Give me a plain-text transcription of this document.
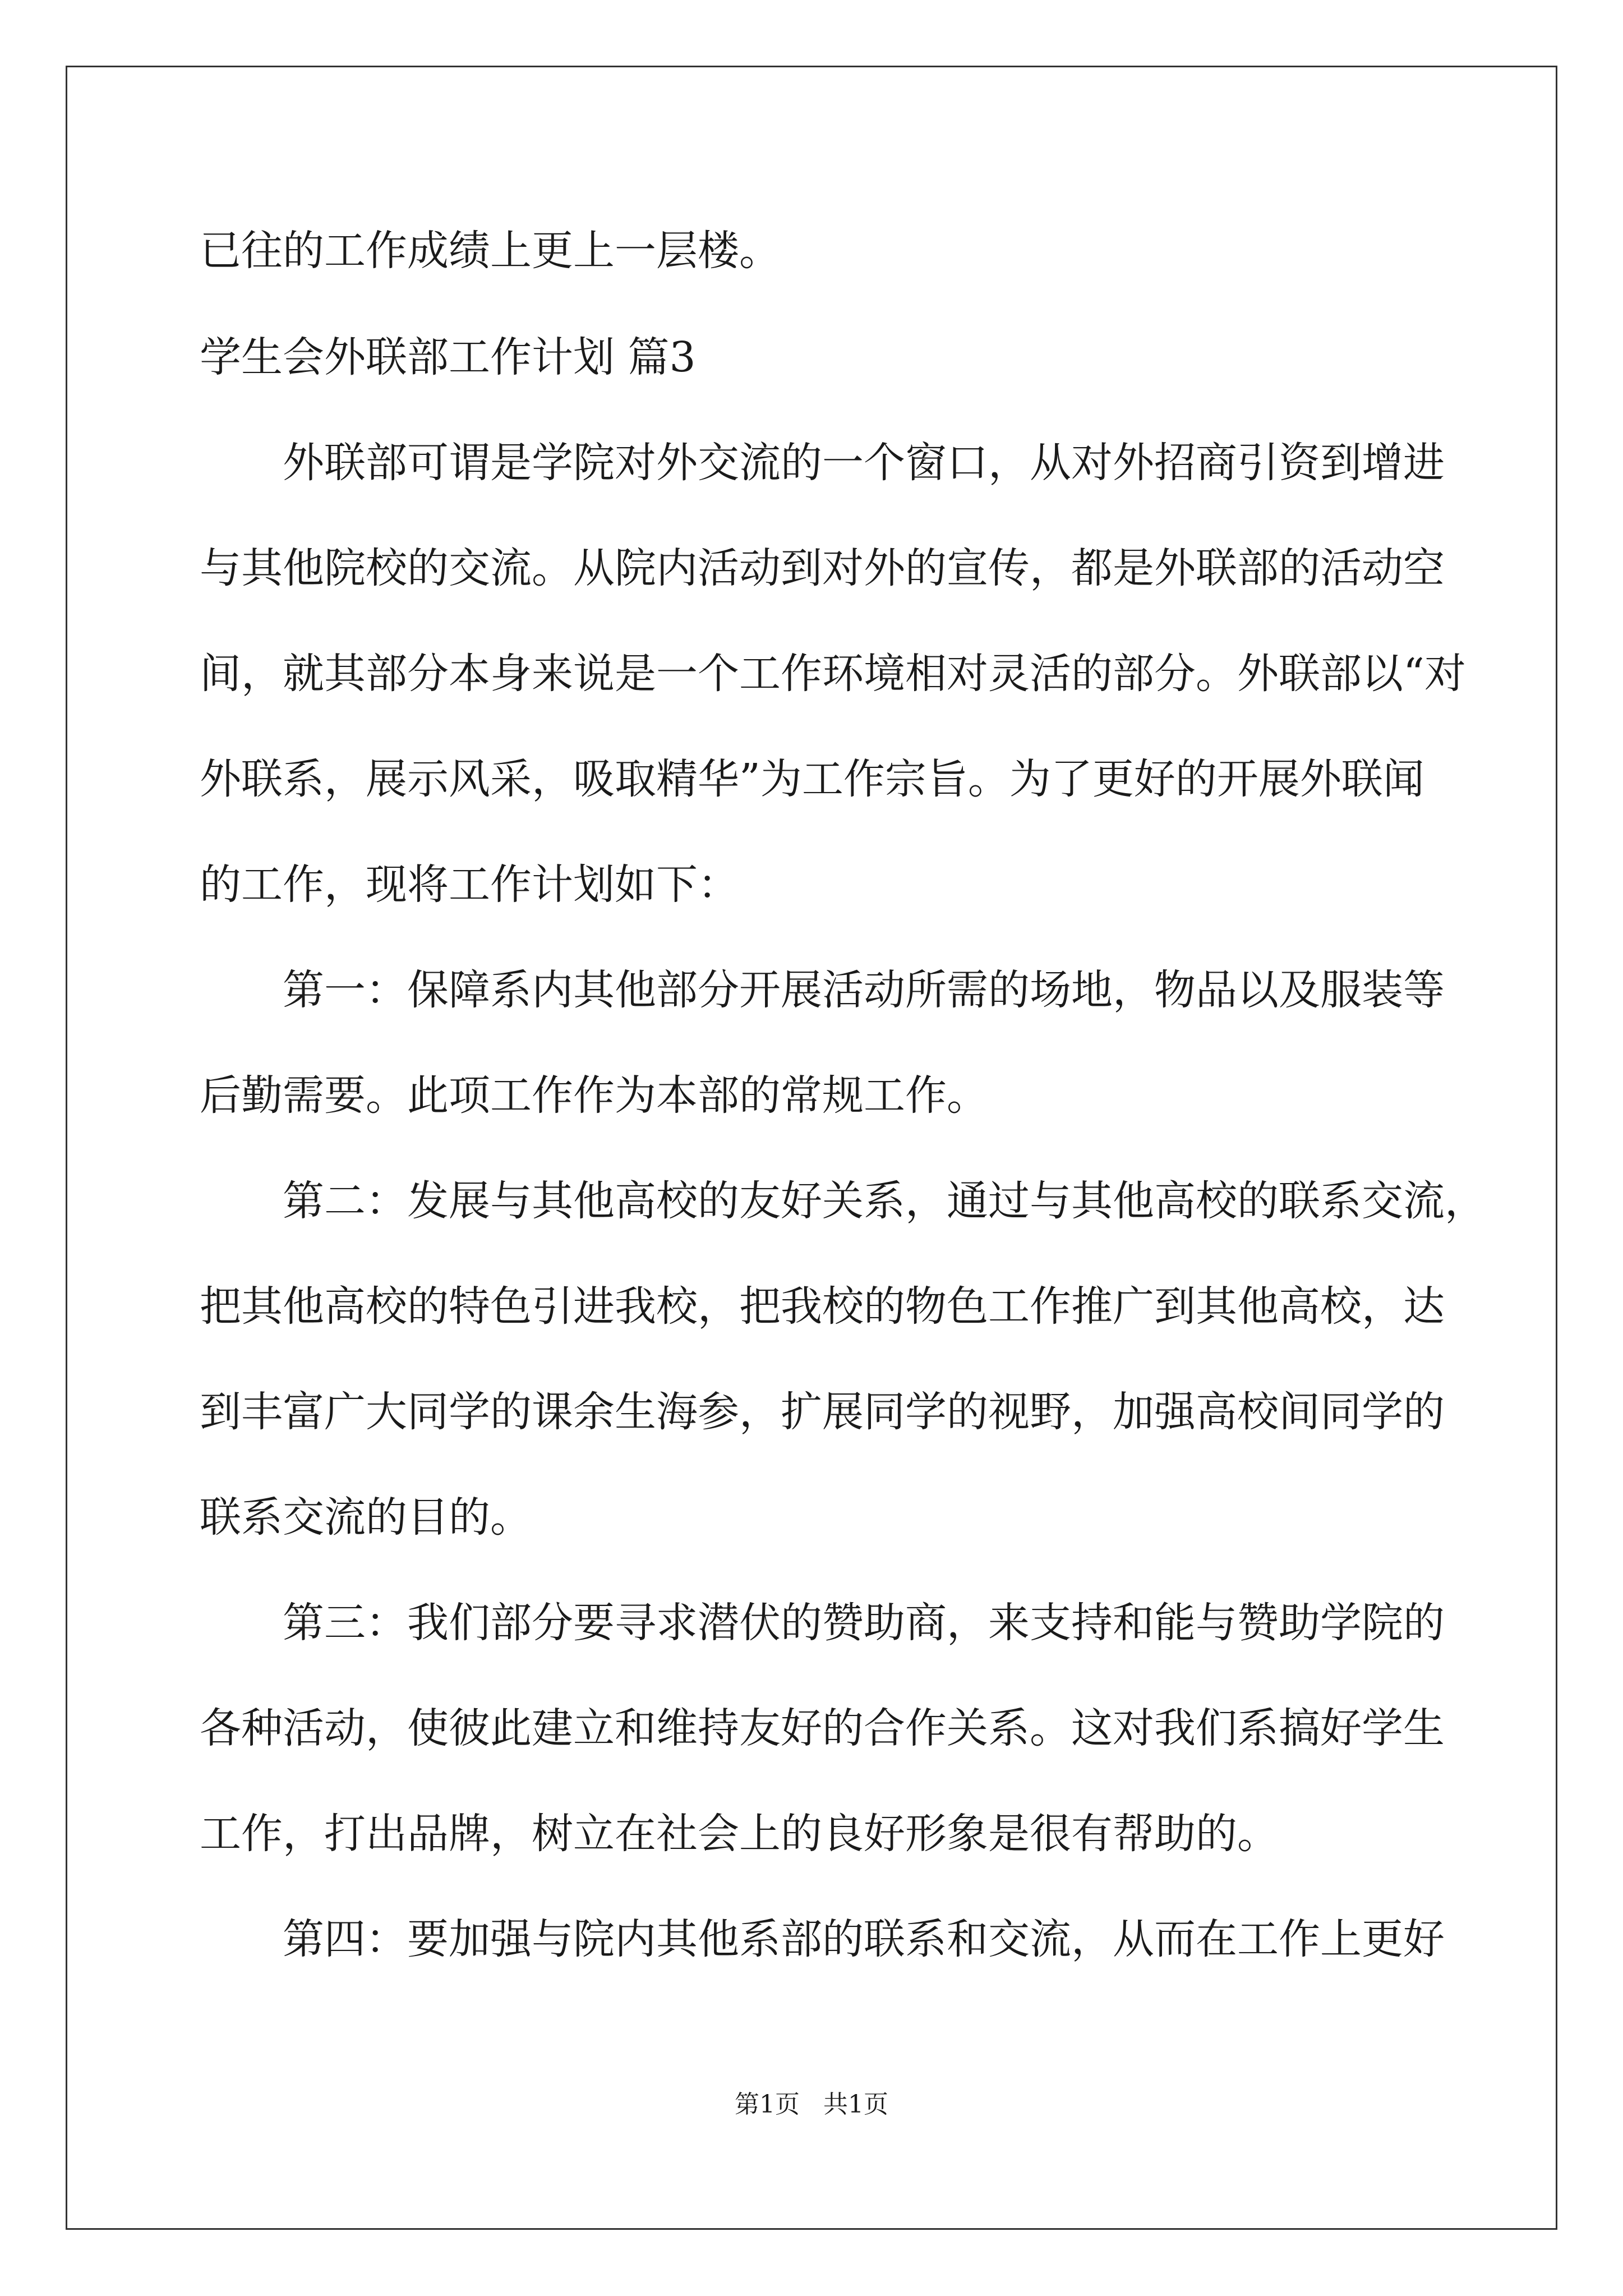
已往的工作成绩上更上一层楼。
学生会外联部工作计划 篇3
外联部可谓是学院对外交流的一个窗口，从对外招商引资到增进
与其他院校的交流。从院内活动到对外的宣传，都是外联部的活动空
间，就其部分本身来说是一个工作环境相对灵活的部分。外联部以“对
外联系，展示风采，吸取精华”为工作宗旨。为了更好的开展外联闻
的工作，现将工作计划如下：
第一：保障系内其他部分开展活动所需的场地，物品以及服装等
后勤需要。此项工作作为本部的常规工作。
第二：发展与其他高校的友好关系，通过与其他高校的联系交流，
把其他高校的特色引进我校，把我校的物色工作推广到其他高校，达
到丰富广大同学的课余生海参，扩展同学的视野，加强高校间同学的
联系交流的目的。
第三：我们部分要寻求潜伏的赞助商，来支持和能与赞助学院的
各种活动，使彼此建立和维持友好的合作关系。这对我们系搞好学生
工作，打出品牌，树立在社会上的良好形象是很有帮助的。
第四：要加强与院内其他系部的联系和交流，从而在工作上更好
第1页   共1页
